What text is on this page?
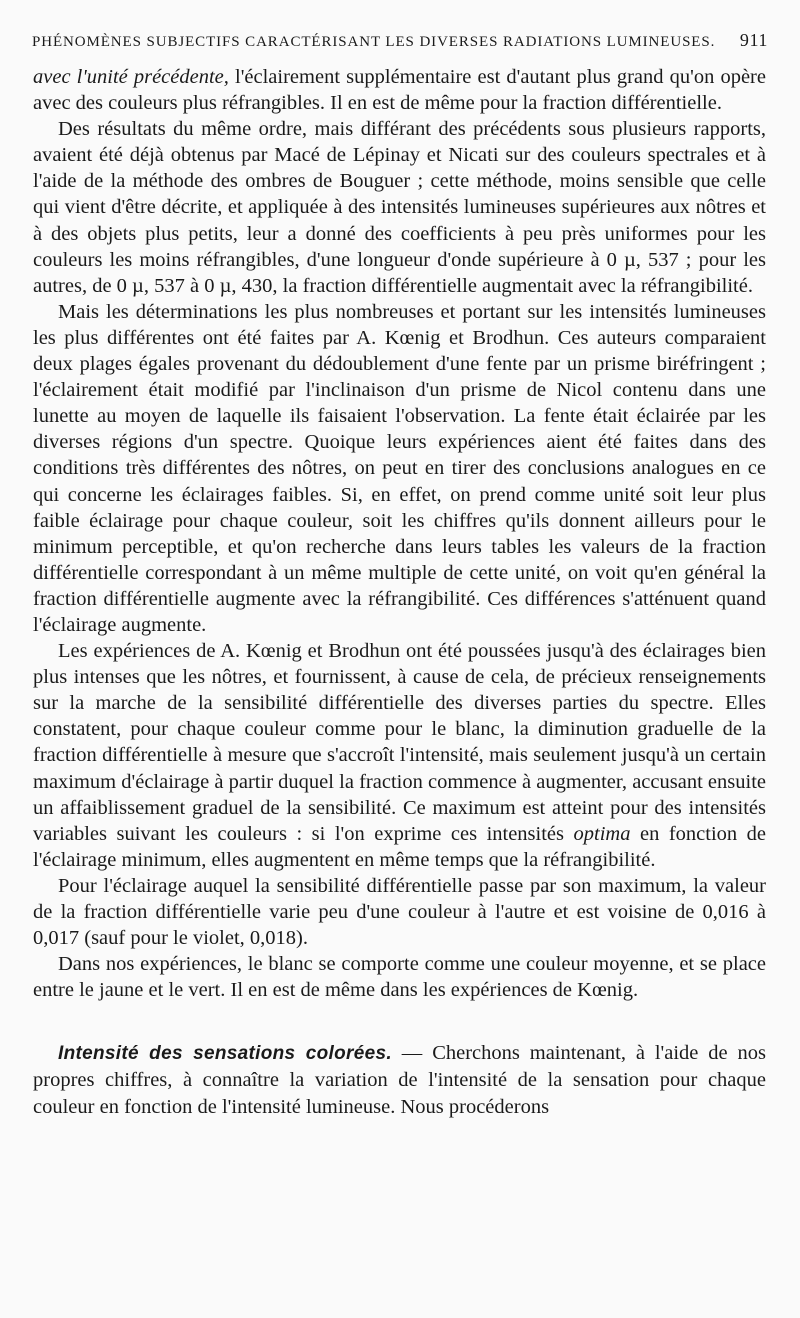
PHÉNOMÈNES SUBJECTIFS CARACTÉRISANT LES DIVERSES RADIATIONS LUMINEUSES. 911

avec l'unité précédente, l'éclairement supplémentaire est d'autant plus grand qu'on opère avec des couleurs plus réfrangibles. Il en est de même pour la fraction différentielle.

Des résultats du même ordre, mais différant des précédents sous plusieurs rapports, avaient été déjà obtenus par Macé de Lépinay et Nicati sur des couleurs spectrales et à l'aide de la méthode des ombres de Bouguer ; cette méthode, moins sensible que celle qui vient d'être décrite, et appliquée à des intensités lumineuses supérieures aux nôtres et à des objets plus petits, leur a donné des coefficients à peu près uniformes pour les couleurs les moins réfrangibles, d'une longueur d'onde supérieure à 0 µ, 537 ; pour les autres, de 0 µ, 537 à 0 µ, 430, la fraction différentielle augmentait avec la réfrangibilité.

Mais les déterminations les plus nombreuses et portant sur les intensités lumineuses les plus différentes ont été faites par A. Kœnig et Brodhun. Ces auteurs comparaient deux plages égales provenant du dédoublement d'une fente par un prisme biréfringent ; l'éclairement était modifié par l'inclinaison d'un prisme de Nicol contenu dans une lunette au moyen de laquelle ils faisaient l'observation. La fente était éclairée par les diverses régions d'un spectre. Quoique leurs expériences aient été faites dans des conditions très différentes des nôtres, on peut en tirer des conclusions analogues en ce qui concerne les éclairages faibles. Si, en effet, on prend comme unité soit leur plus faible éclairage pour chaque couleur, soit les chiffres qu'ils donnent ailleurs pour le minimum perceptible, et qu'on recherche dans leurs tables les valeurs de la fraction différentielle correspondant à un même multiple de cette unité, on voit qu'en général la fraction différentielle augmente avec la réfrangibilité. Ces différences s'atténuent quand l'éclairage augmente.

Les expériences de A. Kœnig et Brodhun ont été poussées jusqu'à des éclairages bien plus intenses que les nôtres, et fournissent, à cause de cela, de précieux renseignements sur la marche de la sensibilité différentielle des diverses parties du spectre. Elles constatent, pour chaque couleur comme pour le blanc, la diminution graduelle de la fraction différentielle à mesure que s'accroît l'intensité, mais seulement jusqu'à un certain maximum d'éclairage à partir duquel la fraction commence à augmenter, accusant ensuite un affaiblissement graduel de la sensibilité. Ce maximum est atteint pour des intensités variables suivant les couleurs : si l'on exprime ces intensités optima en fonction de l'éclairage minimum, elles augmentent en même temps que la réfrangibilité.

Pour l'éclairage auquel la sensibilité différentielle passe par son maximum, la valeur de la fraction différentielle varie peu d'une couleur à l'autre et est voisine de 0,016 à 0,017 (sauf pour le violet, 0,018).

Dans nos expériences, le blanc se comporte comme une couleur moyenne, et se place entre le jaune et le vert. Il en est de même dans les expériences de Kœnig.

Intensité des sensations colorées. — Cherchons maintenant, à l'aide de nos propres chiffres, à connaître la variation de l'intensité de la sensation pour chaque couleur en fonction de l'intensité lumineuse. Nous procéderons
